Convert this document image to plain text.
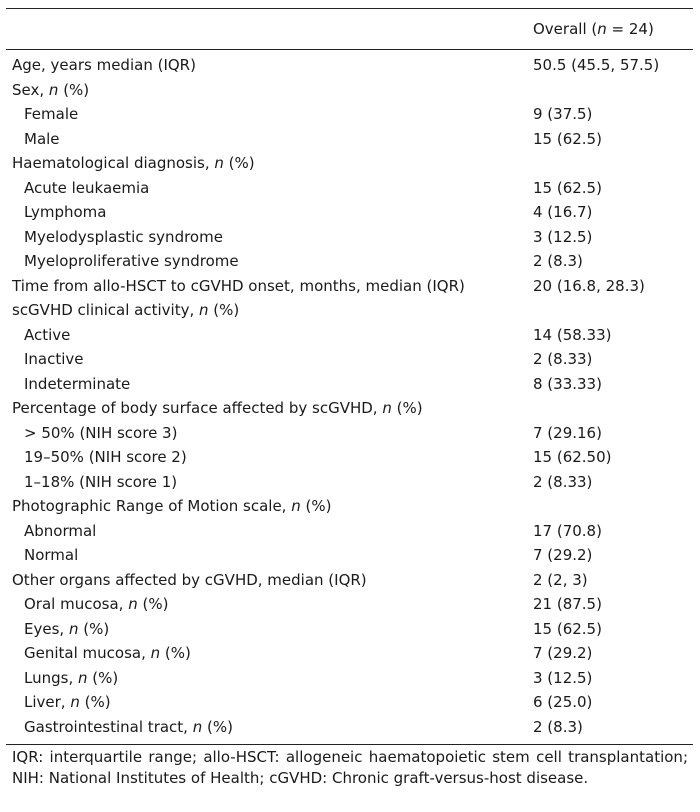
	Overall (n = 24)
Age, years median (IQR)	50.5 (45.5, 57.5)
Sex, n (%)	
Female	9 (37.5)
Male	15 (62.5)
Haematological diagnosis, n (%)	
Acute leukaemia	15 (62.5)
Lymphoma	4 (16.7)
Myelodysplastic syndrome	3 (12.5)
Myeloproliferative syndrome	2 (8.3)
Time from allo-HSCT to cGVHD onset, months, median (IQR)	20 (16.8, 28.3)
scGVHD clinical activity, n (%)	
Active	14 (58.33)
Inactive	2 (8.33)
Indeterminate	8 (33.33)
Percentage of body surface affected by scGVHD, n (%)	
> 50% (NIH score 3)	7 (29.16)
19–50% (NIH score 2)	15 (62.50)
1–18% (NIH score 1)	2 (8.33)
Photographic Range of Motion scale, n (%)	
Abnormal	17 (70.8)
Normal	7 (29.2)
Other organs affected by cGVHD, median (IQR)	2 (2, 3)
Oral mucosa, n (%)	21 (87.5)
Eyes, n (%)	15 (62.5)
Genital mucosa, n (%)	7 (29.2)
Lungs, n (%)	3 (12.5)
Liver, n (%)	6 (25.0)
Gastrointestinal tract, n (%)	2 (8.3)
IQR: interquartile range; allo-HSCT: allogeneic haematopoietic stem cell transplantation; NIH: National Institutes of Health; cGVHD: Chronic graft-versus-host disease.
